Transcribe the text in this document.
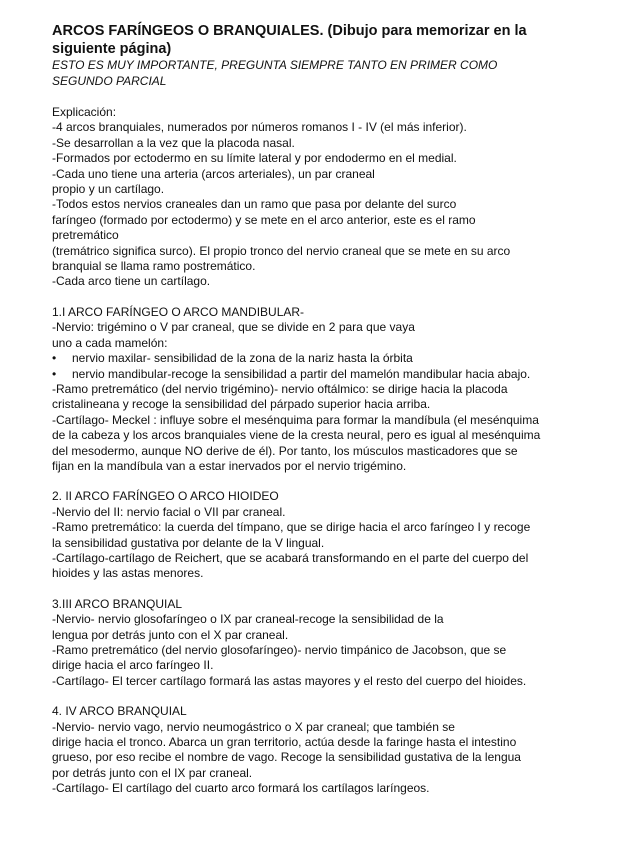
ARCOS FARÍNGEOS O BRANQUIALES. (Dibujo para memorizar en la
siguiente página)
ESTO ES MUY IMPORTANTE, PREGUNTA SIEMPRE TANTO EN PRIMER COMO
SEGUNDO PARCIAL

Explicación:

-4 arcos branquiales, numerados por números romanos I - IV (el más inferior).

-Se desarrollan a la vez que la placoda nasal.

-Formados por ectodermo en su límite lateral y por endodermo en el medial.

-Cada uno tiene una arteria (arcos arteriales), un par craneal

propio y un cartílago.

-Todos estos nervios craneales dan un ramo que pasa por delante del surco

faríngeo (formado por ectodermo) y se mete en el arco anterior, este es el ramo

pretremático

(tremátrico significa surco). El propio tronco del nervio craneal que se mete en su arco

branquial se llama ramo postremático.

-Cada arco tiene un cartílago.

1.I ARCO FARÍNGEO O ARCO MANDIBULAR-

-Nervio: trigémino o V par craneal, que se divide en 2 para que vaya

uno a cada mamelón:

• nervio maxilar- sensibilidad de la zona de la nariz hasta la órbita

• nervio mandibular-recoge la sensibilidad a partir del mamelón mandibular hacia abajo.

-Ramo pretremático (del nervio trigémino)- nervio oftálmico: se dirige hacia la placoda

cristalineana y recoge la sensibilidad del párpado superior hacia arriba.

-Cartílago- Meckel : influye sobre el mesénquima para formar la mandíbula (el mesénquima

de la cabeza y los arcos branquiales viene de la cresta neural, pero es igual al mesénquima

del mesodermo, aunque NO derive de él). Por tanto, los músculos masticadores que se

fijan en la mandíbula van a estar inervados por el nervio trigémino.

2. II ARCO FARÍNGEO O ARCO HIOIDEO

-Nervio del II: nervio facial o VII par craneal.

-Ramo pretremático: la cuerda del tímpano, que se dirige hacia el arco faríngeo I y recoge

la sensibilidad gustativa por delante de la V lingual.

-Cartílago-cartílago de Reichert, que se acabará transformando en el parte del cuerpo del

hioides y las astas menores.

3.III ARCO BRANQUIAL

-Nervio- nervio glosofaríngeo o IX par craneal-recoge la sensibilidad de la

lengua por detrás junto con el X par craneal.

-Ramo pretremático (del nervio glosofaríngeo)- nervio timpánico de Jacobson, que se

dirige hacia el arco faríngeo II.

-Cartílago- El tercer cartílago formará las astas mayores y el resto del cuerpo del hioides.

4. IV ARCO BRANQUIAL

-Nervio- nervio vago, nervio neumogástrico o X par craneal; que también se

dirige hacia el tronco. Abarca un gran territorio, actúa desde la faringe hasta el intestino

grueso, por eso recibe el nombre de vago. Recoge la sensibilidad gustativa de la lengua

por detrás junto con el IX par craneal.

-Cartílago- El cartílago del cuarto arco formará los cartílagos laríngeos.
